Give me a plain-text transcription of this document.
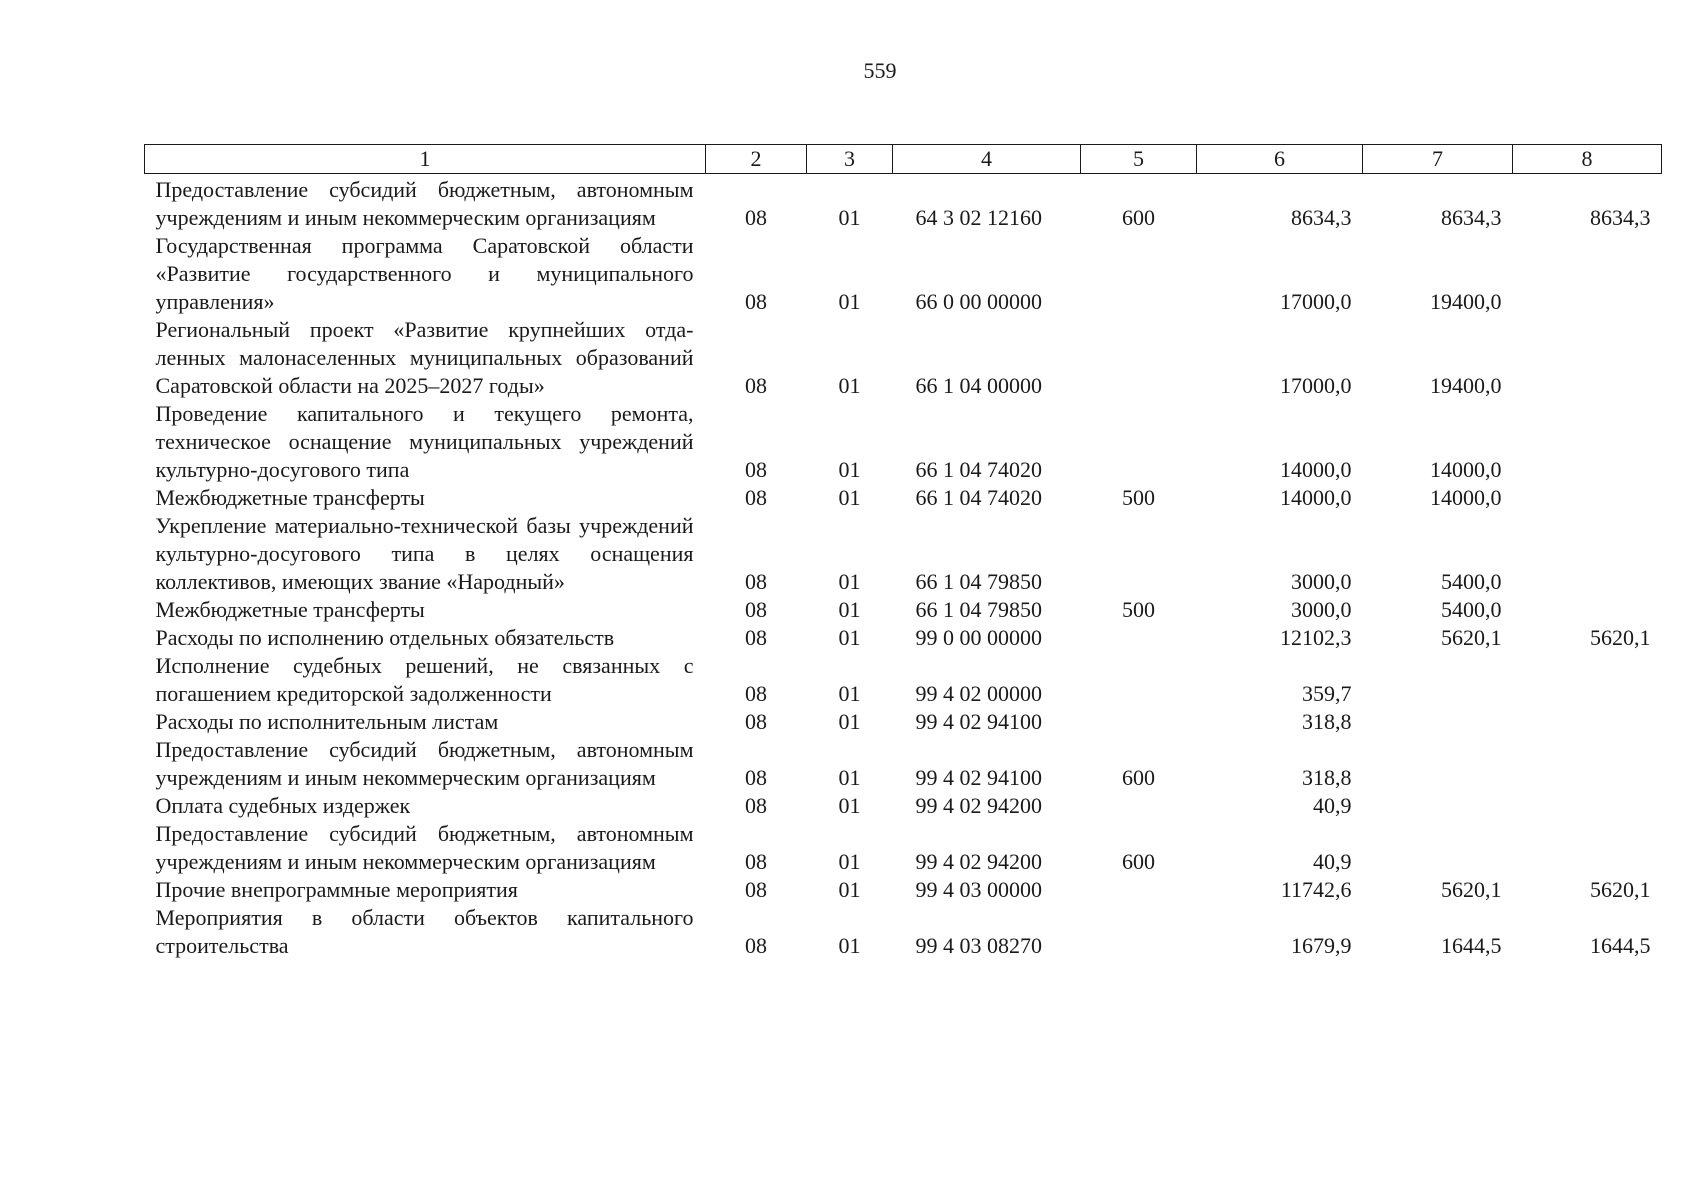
559
1	2	3	4	5	6	7	8
Предоставление субсидий бюджетным, автономным учреждениям и иным некоммерческим организациям	08	01	64 3 02 12160	600	8634,3	8634,3	8634,3
Государственная программа Саратовской области «Развитие государственного и муниципального управления»	08	01	66 0 00 00000		17000,0	19400,0	
Региональный проект «Развитие крупнейших отдаленных малонаселенных муниципальных образований Саратовской области на 2025–2027 годы»	08	01	66 1 04 00000		17000,0	19400,0	
Проведение капитального и текущего ремонта, техническое оснащение муниципальных учреждений культурно-досугового типа	08	01	66 1 04 74020		14000,0	14000,0	
Межбюджетные трансферты	08	01	66 1 04 74020	500	14000,0	14000,0	
Укрепление материально-технической базы учреждений культурно-досугового типа в целях оснащения коллективов, имеющих звание «Народный»	08	01	66 1 04 79850		3000,0	5400,0	
Межбюджетные трансферты	08	01	66 1 04 79850	500	3000,0	5400,0	
Расходы по исполнению отдельных обязательств	08	01	99 0 00 00000		12102,3	5620,1	5620,1
Исполнение судебных решений, не связанных с погашением кредиторской задолженности	08	01	99 4 02 00000		359,7		
Расходы по исполнительным листам	08	01	99 4 02 94100		318,8		
Предоставление субсидий бюджетным, автономным учреждениям и иным некоммерческим организациям	08	01	99 4 02 94100	600	318,8		
Оплата судебных издержек	08	01	99 4 02 94200		40,9		
Предоставление субсидий бюджетным, автономным учреждениям и иным некоммерческим организациям	08	01	99 4 02 94200	600	40,9		
Прочие внепрограммные мероприятия	08	01	99 4 03 00000		11742,6	5620,1	5620,1
Мероприятия в области объектов капитального строительства	08	01	99 4 03 08270		1679,9	1644,5	1644,5
